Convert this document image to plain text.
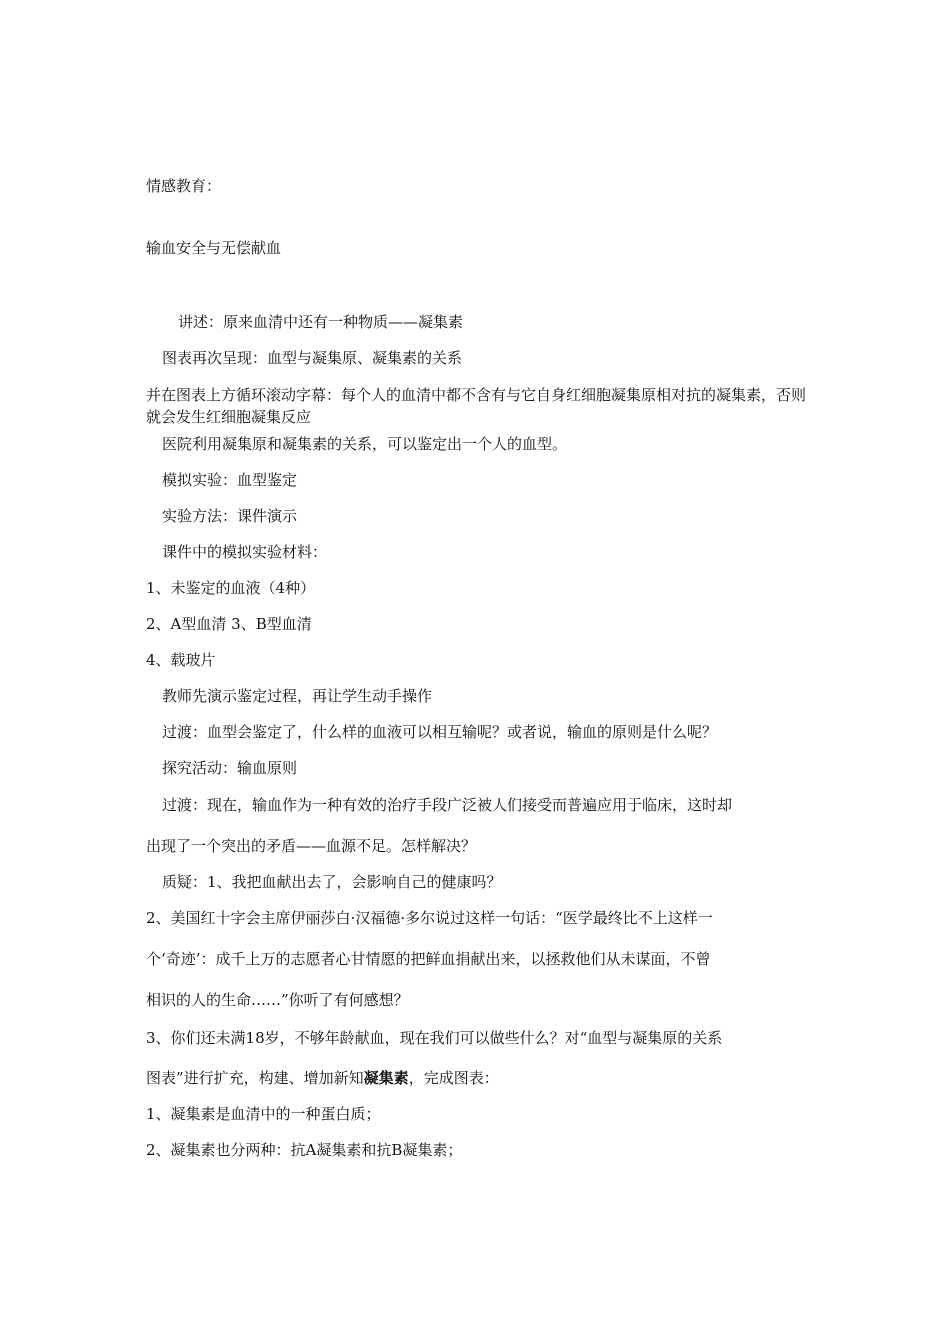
情感教育：
输血安全与无偿献血
讲述：原来血清中还有一种物质——凝集素
图表再次呈现：血型与凝集原、凝集素的关系
并在图表上方循环滚动字幕：每个人的血清中都不含有与它自身红细胞凝集原相对抗的凝集素，否则就会发生红细胞凝集反应
医院利用凝集原和凝集素的关系，可以鉴定出一个人的血型。
模拟实验：血型鉴定
实验方法：课件演示
课件中的模拟实验材料：
1、未鉴定的血液（4种）
2、A型血清 3、B型血清
4、载玻片
教师先演示鉴定过程，再让学生动手操作
过渡：血型会鉴定了，什么样的血液可以相互输呢？或者说，输血的原则是什么呢？
探究活动：输血原则
过渡：现在，输血作为一种有效的治疗手段广泛被人们接受而普遍应用于临床，这时却
出现了一个突出的矛盾——血源不足。怎样解决？
质疑：1、我把血献出去了，会影响自己的健康吗？
2、美国红十字会主席伊丽莎白·汉福德·多尔说过这样一句话：“医学最终比不上这样一
个‘奇迹’：成千上万的志愿者心甘情愿的把鲜血捐献出来，以拯救他们从未谋面，不曾
相识的人的生命……”你听了有何感想？
3、你们还未满18岁，不够年龄献血，现在我们可以做些什么？对“血型与凝集原的关系
图表”进行扩充，构建、增加新知凝集素，完成图表：
1、凝集素是血清中的一种蛋白质；
2、凝集素也分两种：抗A凝集素和抗B凝集素；
